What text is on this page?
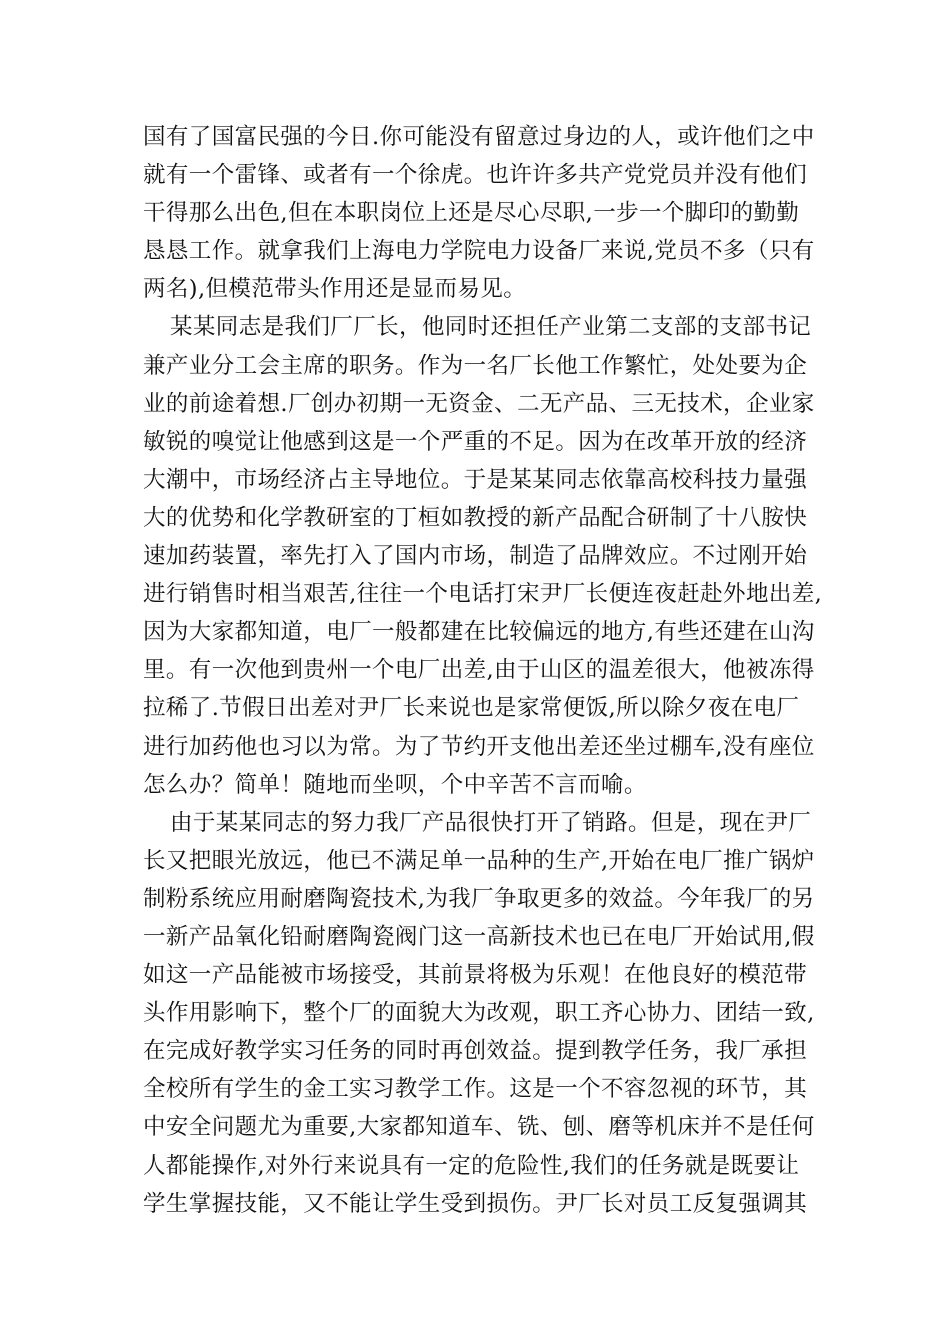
国有了国富民强的今日.你可能没有留意过身边的人，或许他们之中
就有一个雷锋、或者有一个徐虎。也许许多共产党党员并没有他们
干得那么出色,但在本职岗位上还是尽心尽职,一步一个脚印的勤勤
恳恳工作。就拿我们上海电力学院电力设备厂来说,党员不多（只有
两名),但模范带头作用还是显而易见。
某某同志是我们厂厂长，他同时还担任产业第二支部的支部书记
兼产业分工会主席的职务。作为一名厂长他工作繁忙，处处要为企
业的前途着想.厂创办初期一无资金、二无产品、三无技术，企业家
敏锐的嗅觉让他感到这是一个严重的不足。因为在改革开放的经济
大潮中，市场经济占主导地位。于是某某同志依靠高校科技力量强
大的优势和化学教研室的丁桓如教授的新产品配合研制了十八胺快
速加药装置，率先打入了国内市场，制造了品牌效应。不过刚开始
进行销售时相当艰苦,往往一个电话打宋尹厂长便连夜赶赴外地出差,
因为大家都知道，电厂一般都建在比较偏远的地方,有些还建在山沟
里。有一次他到贵州一个电厂出差,由于山区的温差很大，他被冻得
拉稀了.节假日出差对尹厂长来说也是家常便饭,所以除夕夜在电厂
进行加药他也习以为常。为了节约开支他出差还坐过棚车,没有座位
怎么办？简单！随地而坐呗，个中辛苦不言而喻。
由于某某同志的努力我厂产品很快打开了销路。但是，现在尹厂
长又把眼光放远，他已不满足单一品种的生产,开始在电厂推广锅炉
制粉系统应用耐磨陶瓷技术,为我厂争取更多的效益。今年我厂的另
一新产品氧化铅耐磨陶瓷阀门这一高新技术也已在电厂开始试用,假
如这一产品能被市场接受，其前景将极为乐观！在他良好的模范带
头作用影响下，整个厂的面貌大为改观，职工齐心协力、团结一致,
在完成好教学实习任务的同时再创效益。提到教学任务，我厂承担
全校所有学生的金工实习教学工作。这是一个不容忽视的环节，其
中安全问题尤为重要,大家都知道车、铣、刨、磨等机床并不是任何
人都能操作,对外行来说具有一定的危险性,我们的任务就是既要让
学生掌握技能，又不能让学生受到损伤。尹厂长对员工反复强调其
